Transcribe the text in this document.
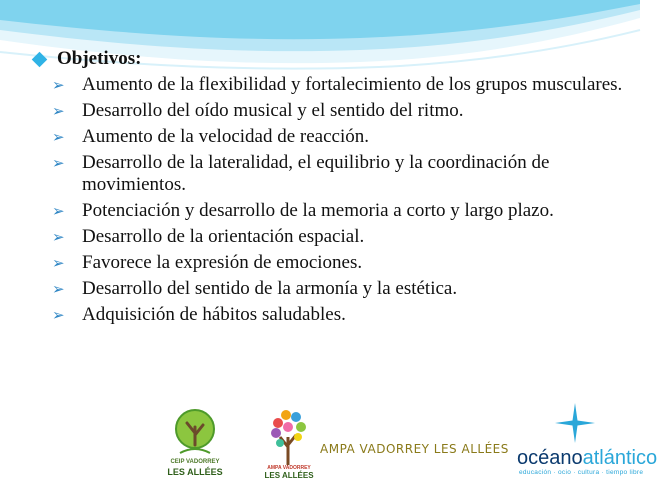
Objetivos:
➢ Aumento de la flexibilidad y fortalecimiento de los grupos musculares.
➢ Desarrollo del oído musical y el sentido del ritmo.
➢ Aumento de la velocidad de reacción.
➢ Desarrollo de la lateralidad, el equilibrio y la coordinación de movimientos.
➢ Potenciación y desarrollo de la memoria a corto y largo plazo.
➢ Desarrollo de la orientación espacial.
➢ Favorece la expresión de emociones.
➢ Desarrollo del sentido de la armonía y la estética.
➢ Adquisición de hábitos saludables.
CEIP VADORREY
LES ALLÉES	AMPA VADORREY
LES ALLÉES
AMPA VADORREY LES ALLÉES océanoatlántico
educación · ocio · cultura · tiempo libre
